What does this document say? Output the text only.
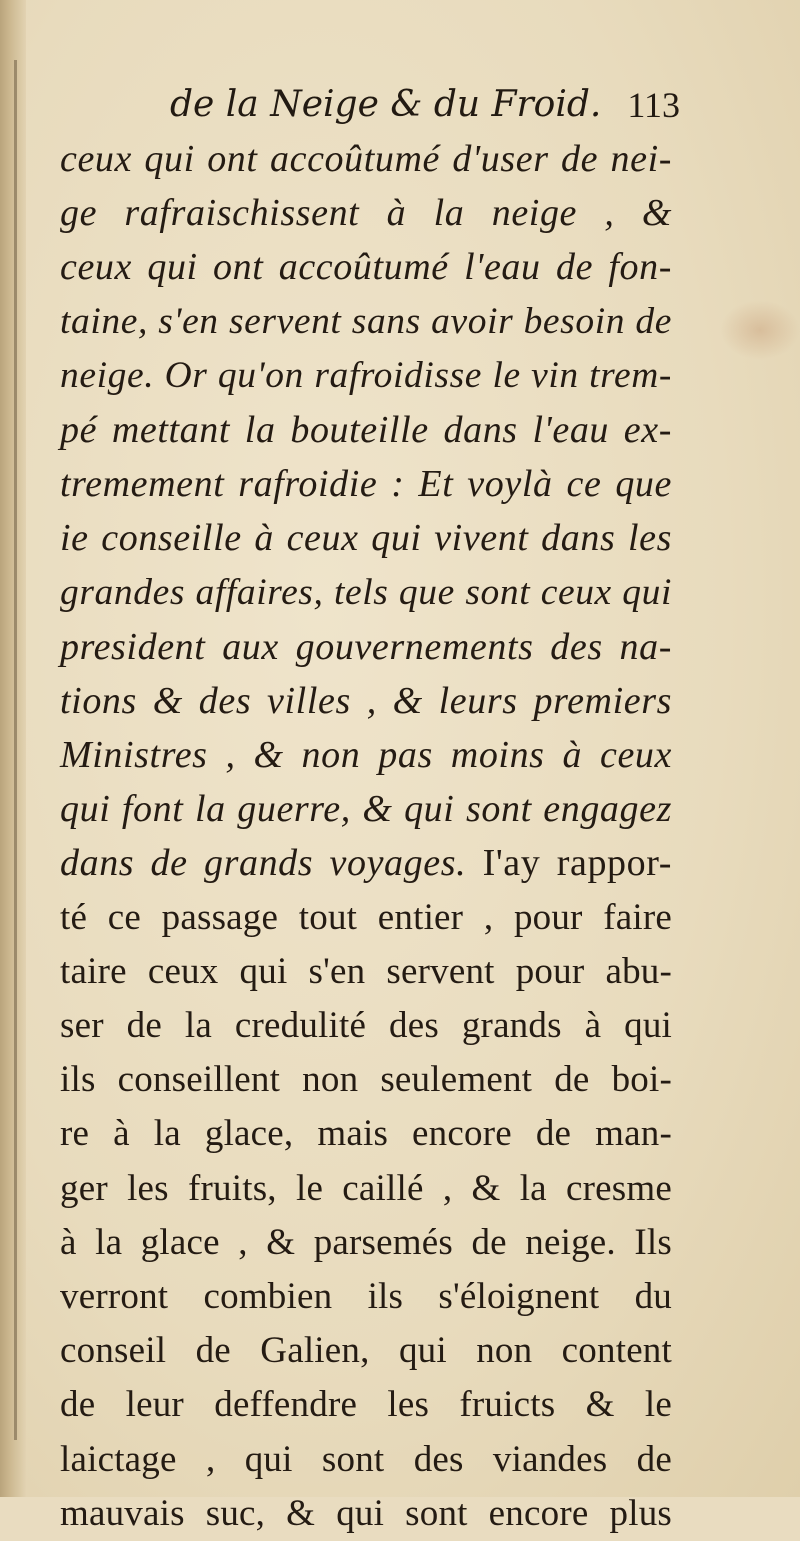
de la Neige & du Froid. 113
ceux qui ont accoûtumé d'user de nei-
ge rafraischissent à la neige , &
ceux qui ont accoûtumé l'eau de fon-
taine, s'en servent sans avoir besoin de
neige. Or qu'on rafroidisse le vin trem-
pé mettant la bouteille dans l'eau ex-
tremement rafroidie : Et voylà ce que
ie conseille à ceux qui vivent dans les
grandes affaires, tels que sont ceux qui
president aux gouvernements des na-
tions & des villes , & leurs premiers
Ministres , & non pas moins à ceux
qui font la guerre, & qui sont engagez
dans de grands voyages. I'ay rappor-
té ce passage tout entier , pour faire
taire ceux qui s'en servent pour abu-
ser de la credulité des grands à qui
ils conseillent non seulement de boi-
re à la glace, mais encore de man-
ger les fruits, le caillé , & la cresme
à la glace , & parsemés de neige. Ils
verront combien ils s'éloignent du
conseil de Galien, qui non content
de leur deffendre les fruicts & le
laictage , qui sont des viandes de
mauvais suc, & qui sont encore plus
